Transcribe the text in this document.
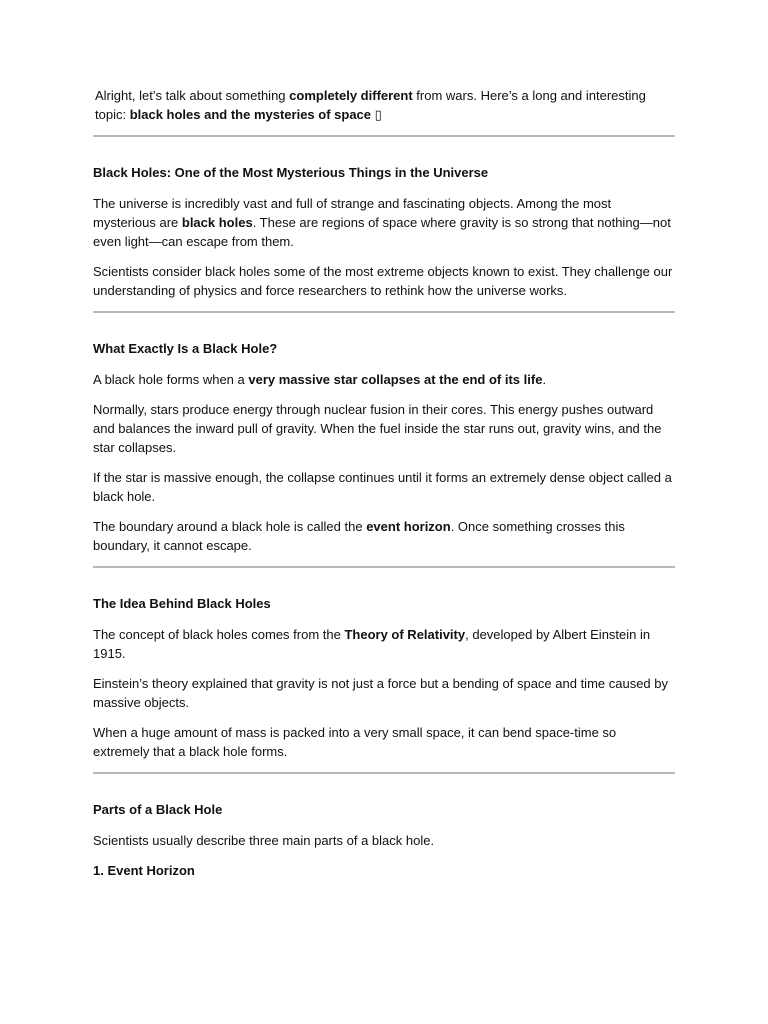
Alright, let’s talk about something completely different from wars. Here’s a long and interesting topic: black holes and the mysteries of space ▯

Black Holes: One of the Most Mysterious Things in the Universe

The universe is incredibly vast and full of strange and fascinating objects. Among the most mysterious are black holes. These are regions of space where gravity is so strong that nothing—not even light—can escape from them.

Scientists consider black holes some of the most extreme objects known to exist. They challenge our understanding of physics and force researchers to rethink how the universe works.

What Exactly Is a Black Hole?

A black hole forms when a very massive star collapses at the end of its life.

Normally, stars produce energy through nuclear fusion in their cores. This energy pushes outward and balances the inward pull of gravity. When the fuel inside the star runs out, gravity wins, and the star collapses.

If the star is massive enough, the collapse continues until it forms an extremely dense object called a black hole.

The boundary around a black hole is called the event horizon. Once something crosses this boundary, it cannot escape.

The Idea Behind Black Holes

The concept of black holes comes from the Theory of Relativity, developed by Albert Einstein in 1915.

Einstein’s theory explained that gravity is not just a force but a bending of space and time caused by massive objects.

When a huge amount of mass is packed into a very small space, it can bend space-time so extremely that a black hole forms.

Parts of a Black Hole

Scientists usually describe three main parts of a black hole.

1. Event Horizon
